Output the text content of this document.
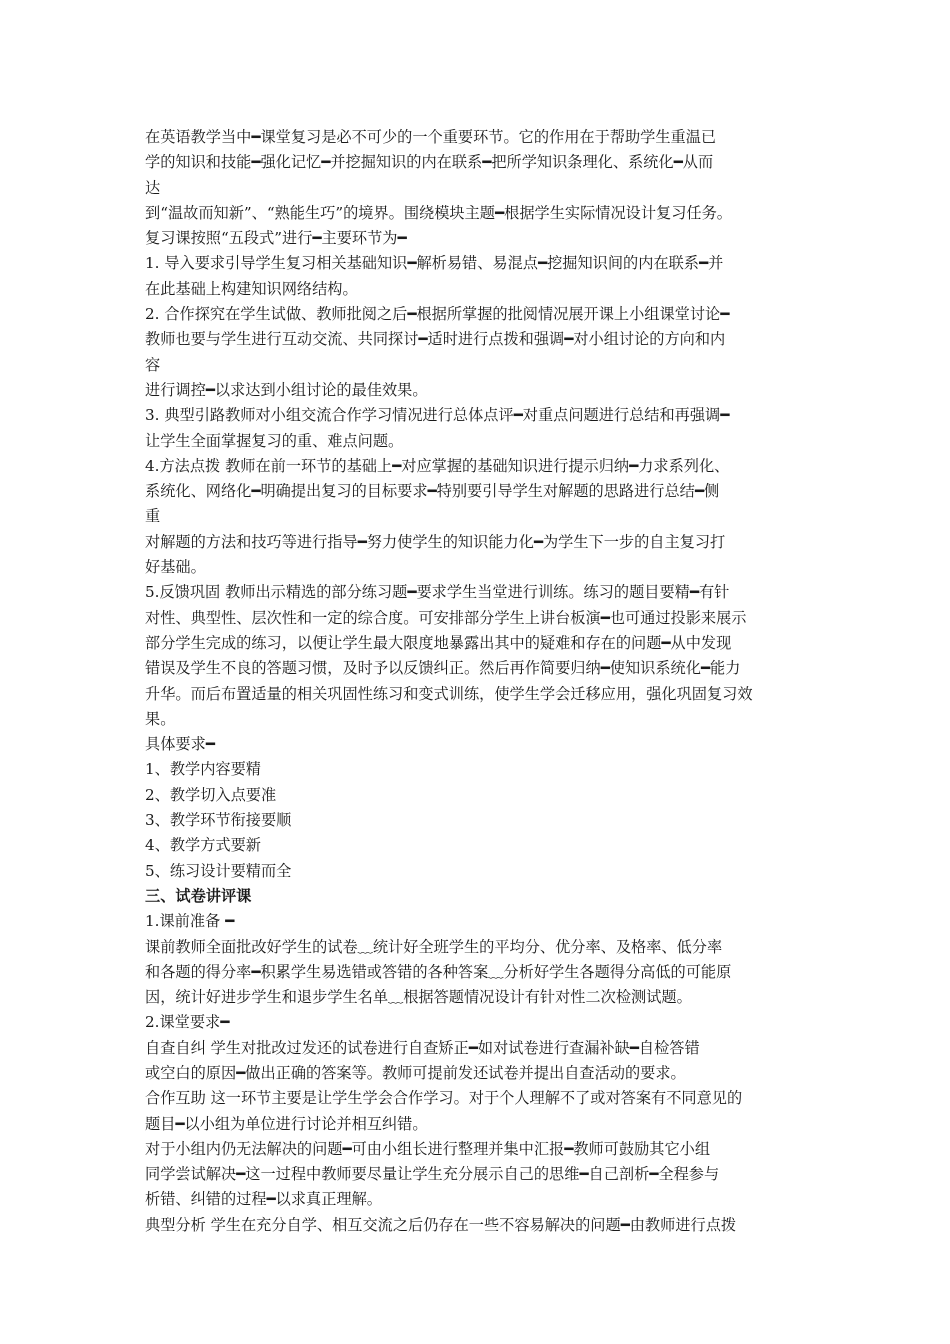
在英语教学当中━课堂复习是必不可少的一个重要环节。它的作用在于帮助学生重温已
学的知识和技能━强化记忆━并挖掘知识的内在联系━把所学知识条理化、系统化━从而
达
到“温故而知新”、“熟能生巧”的境界。围绕模块主题━根据学生实际情况设计复习任务。
复习课按照“五段式”进行━主要环节为━
1. 导入要求引导学生复习相关基础知识━解析易错、易混点━挖掘知识间的内在联系━并
在此基础上构建知识网络结构。
2. 合作探究在学生试做、教师批阅之后━根据所掌握的批阅情况展开课上小组课堂讨论━
教师也要与学生进行互动交流、共同探讨━适时进行点拨和强调━对小组讨论的方向和内
容
进行调控━以求达到小组讨论的最佳效果。
3. 典型引路教师对小组交流合作学习情况进行总体点评━对重点问题进行总结和再强调━
让学生全面掌握复习的重、难点问题。
4.方法点拨 教师在前一环节的基础上━对应掌握的基础知识进行提示归纳━力求系列化、
系统化、网络化━明确提出复习的目标要求━特别要引导学生对解题的思路进行总结━侧
重
对解题的方法和技巧等进行指导━努力使学生的知识能力化━为学生下一步的自主复习打
好基础。
5.反馈巩固 教师出示精选的部分练习题━要求学生当堂进行训练。练习的题目要精━有针
对性、典型性、层次性和一定的综合度。可安排部分学生上讲台板演━也可通过投影来展示
部分学生完成的练习，以便让学生最大限度地暴露出其中的疑难和存在的问题━从中发现
错误及学生不良的答题习惯，及时予以反馈纠正。然后再作简要归纳━使知识系统化━能力
升华。而后布置适量的相关巩固性练习和变式训练，使学生学会迁移应用，强化巩固复习效
果。
具体要求━
1、教学内容要精
2、教学切入点要准
3、教学环节衔接要顺
4、教学方式要新
5、练习设计要精而全
三、试卷讲评课
1.课前准备 ━
课前教师全面批改好学生的试卷﹏统计好全班学生的平均分、优分率、及格率、低分率
和各题的得分率━积累学生易选错或答错的各种答案﹏分析好学生各题得分高低的可能原
因，统计好进步学生和退步学生名单﹏根据答题情况设计有针对性二次检测试题。
2.课堂要求━
自查自纠 学生对批改过发还的试卷进行自查矫正━如对试卷进行查漏补缺━自检答错
或空白的原因━做出正确的答案等。教师可提前发还试卷并提出自查活动的要求。
合作互助 这一环节主要是让学生学会合作学习。对于个人理解不了或对答案有不同意见的
题目━以小组为单位进行讨论并相互纠错。
对于小组内仍无法解决的问题━可由小组长进行整理并集中汇报━教师可鼓励其它小组
同学尝试解决━这一过程中教师要尽量让学生充分展示自己的思维━自己剖析━全程参与
析错、纠错的过程━以求真正理解。
典型分析 学生在充分自学、相互交流之后仍存在一些不容易解决的问题━由教师进行点拨
